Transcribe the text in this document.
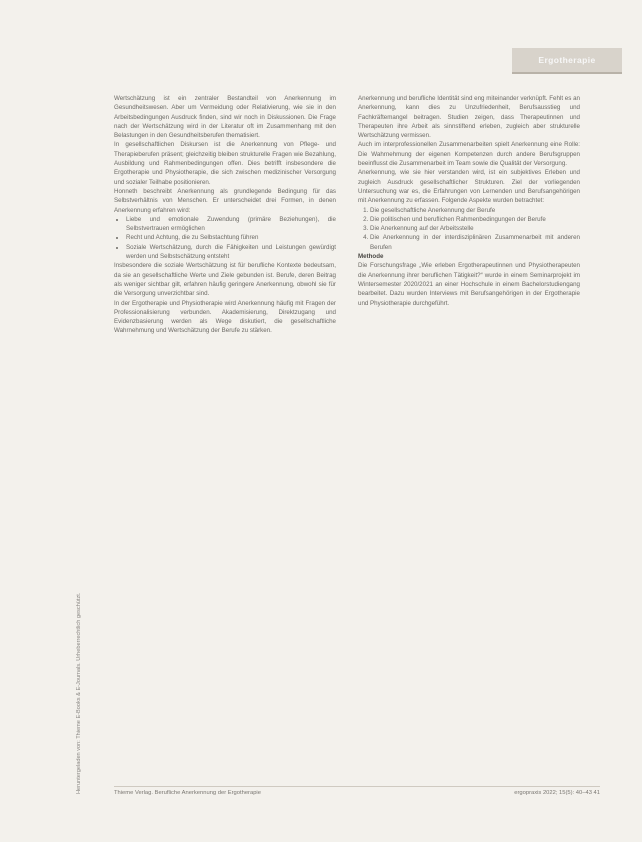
Ergotherapie
Heruntergeladen von: Thieme E-Books & E-Journals. Urheberrechtlich geschützt.

Wertschätzung ist ein zentraler Bestandteil von Anerkennung im Gesundheitswesen. Aber um Vermeidung oder Relativierung, wie sie in den Arbeitsbedingungen Ausdruck finden, sind wir noch in Diskussionen. Die Frage nach der Wertschätzung wird in der Literatur oft im Zusammenhang mit den Belastungen in den Gesundheitsberufen thematisiert.

In gesellschaftlichen Diskursen ist die Anerkennung von Pflege- und Therapieberufen präsent; gleichzeitig bleiben strukturelle Fragen wie Bezahlung, Ausbildung und Rahmenbedingungen offen. Dies betrifft insbesondere die Ergotherapie und Physiotherapie, die sich zwischen medizinischer Versorgung und sozialer Teilhabe positionieren.

Honneth beschreibt Anerkennung als grundlegende Bedingung für das Selbstverhältnis von Menschen. Er unterscheidet drei Formen, in denen Anerkennung erfahren wird:

• Liebe und emotionale Zuwendung (primäre Beziehungen), die Selbstvertrauen ermöglichen
• Recht und Achtung, die zu Selbstachtung führen
• Soziale Wertschätzung, durch die Fähigkeiten und Leistungen gewürdigt werden und Selbstschätzung entsteht

Insbesondere die soziale Wertschätzung ist für berufliche Kontexte bedeutsam, da sie an gesellschaftliche Werte und Ziele gebunden ist. Berufe, deren Beitrag als weniger sichtbar gilt, erfahren häufig geringere Anerkennung, obwohl sie für die Versorgung unverzichtbar sind.

In der Ergotherapie und Physiotherapie wird Anerkennung häufig mit Fragen der Professionalisierung verbunden. Akademisierung, Direktzugang und Evidenzbasierung werden als Wege diskutiert, die gesellschaftliche Wahrnehmung und Wertschätzung der Berufe zu stärken.

Anerkennung und berufliche Identität sind eng miteinander verknüpft. Fehlt es an Anerkennung, kann dies zu Unzufriedenheit, Berufsausstieg und Fachkräftemangel beitragen. Studien zeigen, dass Therapeutinnen und Therapeuten ihre Arbeit als sinnstiftend erleben, zugleich aber strukturelle Wertschätzung vermissen.

Auch im interprofessionellen Zusammenarbeiten spielt Anerkennung eine Rolle: Die Wahrnehmung der eigenen Kompetenzen durch andere Berufsgruppen beeinflusst die Zusammenarbeit im Team sowie die Qualität der Versorgung.

Anerkennung, wie sie hier verstanden wird, ist ein subjektives Erleben und zugleich Ausdruck gesellschaftlicher Strukturen. Ziel der vorliegenden Untersuchung war es, die Erfahrungen von Lernenden und Berufsangehörigen mit Anerkennung zu erfassen. Folgende Aspekte wurden betrachtet:

1. Die gesellschaftliche Anerkennung der Berufe
2. Die politischen und beruflichen Rahmenbedingungen der Berufe
3. Die Anerkennung auf der Arbeitsstelle
4. Die Anerkennung in der interdisziplinären Zusammenarbeit mit anderen Berufen

Methode

Die Forschungsfrage „Wie erleben Ergotherapeutinnen und Physiotherapeuten die Anerkennung ihrer beruflichen Tätigkeit?“ wurde in einem Seminarprojekt im Wintersemester 2020/2021 an einer Hochschule in einem Bachelorstudiengang bearbeitet. Dazu wurden Interviews mit Berufsangehörigen in der Ergotherapie und Physiotherapie durchgeführt.

Thieme Verlag. Berufliche Anerkennung der Ergotherapie	ergopraxis 2022; 15(5): 40–43 41
